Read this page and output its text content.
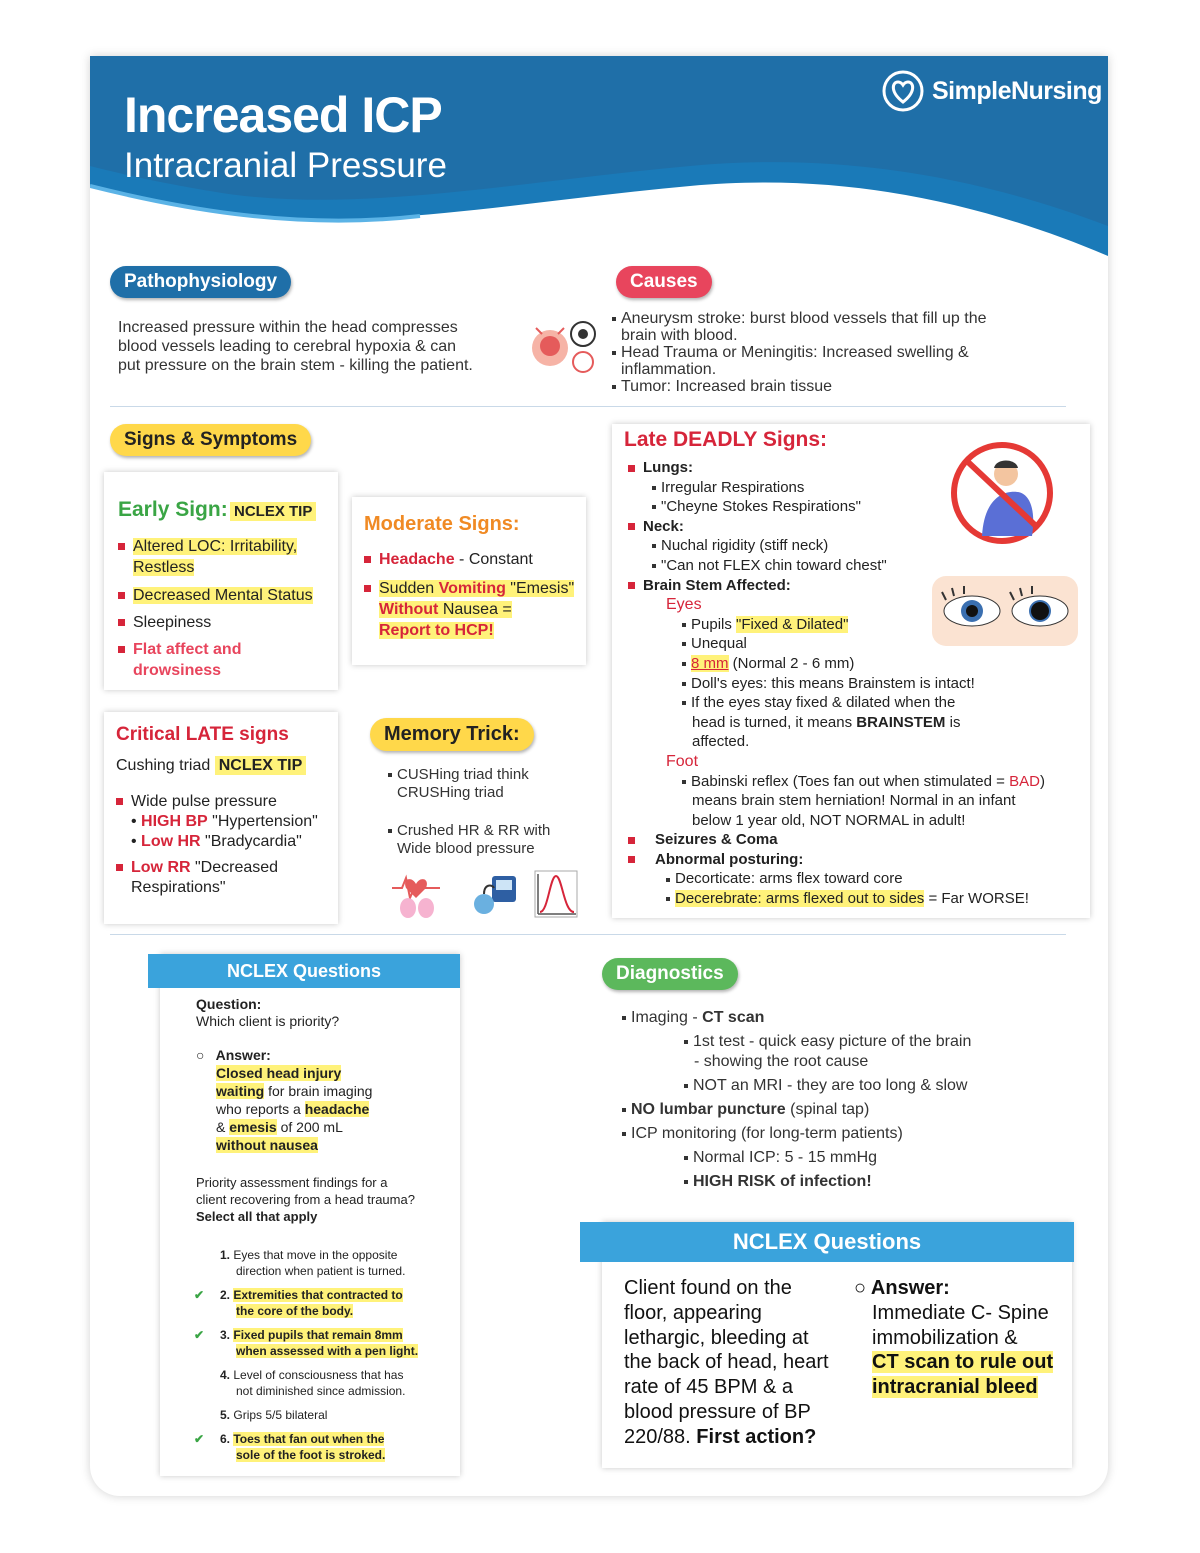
Increased ICP
Intracranial Pressure
SimpleNursing
Pathophysiology
Increased pressure within the head compresses
blood vessels leading to cerebral hypoxia & can
put pressure on the brain stem - killing the patient.
Causes
Aneurysm stroke: burst blood vessels that fill up the
brain with blood.
Head Trauma or Meningitis: Increased swelling &
inflammation.
Tumor: Increased brain tissue
Signs & Symptoms
Early Sign: NCLEX TIP
Altered LOC: Irritability,
Restless
Decreased Mental Status
Sleepiness
Flat affect and
drowsiness
Moderate Signs:
Headache - Constant
Sudden Vomiting "Emesis"
Without Nausea =
Report to HCP!
Critical LATE signs
Cushing triad NCLEX TIP
Wide pulse pressure
• HIGH BP "Hypertension"
• Low HR "Bradycardia"
Low RR "Decreased
Respirations"
Memory Trick:
CUSHing triad think
CRUSHing triad
Crushed HR & RR with
Wide blood pressure
Late DEADLY Signs:
Lungs:
Irregular Respirations
"Cheyne Stokes Respirations"
Neck:
Nuchal rigidity (stiff neck)
"Can not FLEX chin toward chest"
Brain Stem Affected:
Eyes
Pupils "Fixed & Dilated"
Unequal
8 mm (Normal 2 - 6 mm)
Doll's eyes: this means Brainstem is intact!
If the eyes stay fixed & dilated when the
head is turned, it means BRAINSTEM is
affected.
Foot
Babinski reflex (Toes fan out when stimulated = BAD)
means brain stem herniation! Normal in an infant
below 1 year old, NOT NORMAL in adult!
Seizures & Coma
Abnormal posturing:
Decorticate: arms flex toward core
Decerebrate: arms flexed out to sides = Far WORSE!
NCLEX Questions
Question:
Which client is priority?
○   Answer:
Closed head injury
waiting for brain imaging
who reports a headache
& emesis of 200 mL
without nausea
Priority assessment findings for a
client recovering from a head trauma?
Select all that apply
1. Eyes that move in the opposite
direction when patient is turned.
✔ 2. Extremities that contracted to
the core of the body.
✔ 3. Fixed pupils that remain 8mm
when assessed with a pen light.
4. Level of consciousness that has
not diminished since admission.
5. Grips 5/5 bilateral
✔ 6. Toes that fan out when the
sole of the foot is stroked.
Diagnostics
Imaging - CT scan
1st test - quick easy picture of the brain
- showing the root cause
NOT an MRI - they are too long & slow
NO lumbar puncture (spinal tap)
ICP monitoring (for long-term patients)
Normal ICP: 5 - 15 mmHg
HIGH RISK of infection!
NCLEX Questions
Client found on the
floor, appearing
lethargic, bleeding at
the back of head, heart
rate of 45 BPM & a
blood pressure of BP
220/88. First action?
○ Answer:
Immediate C- Spine
immobilization &
CT scan to rule out
intracranial bleed
